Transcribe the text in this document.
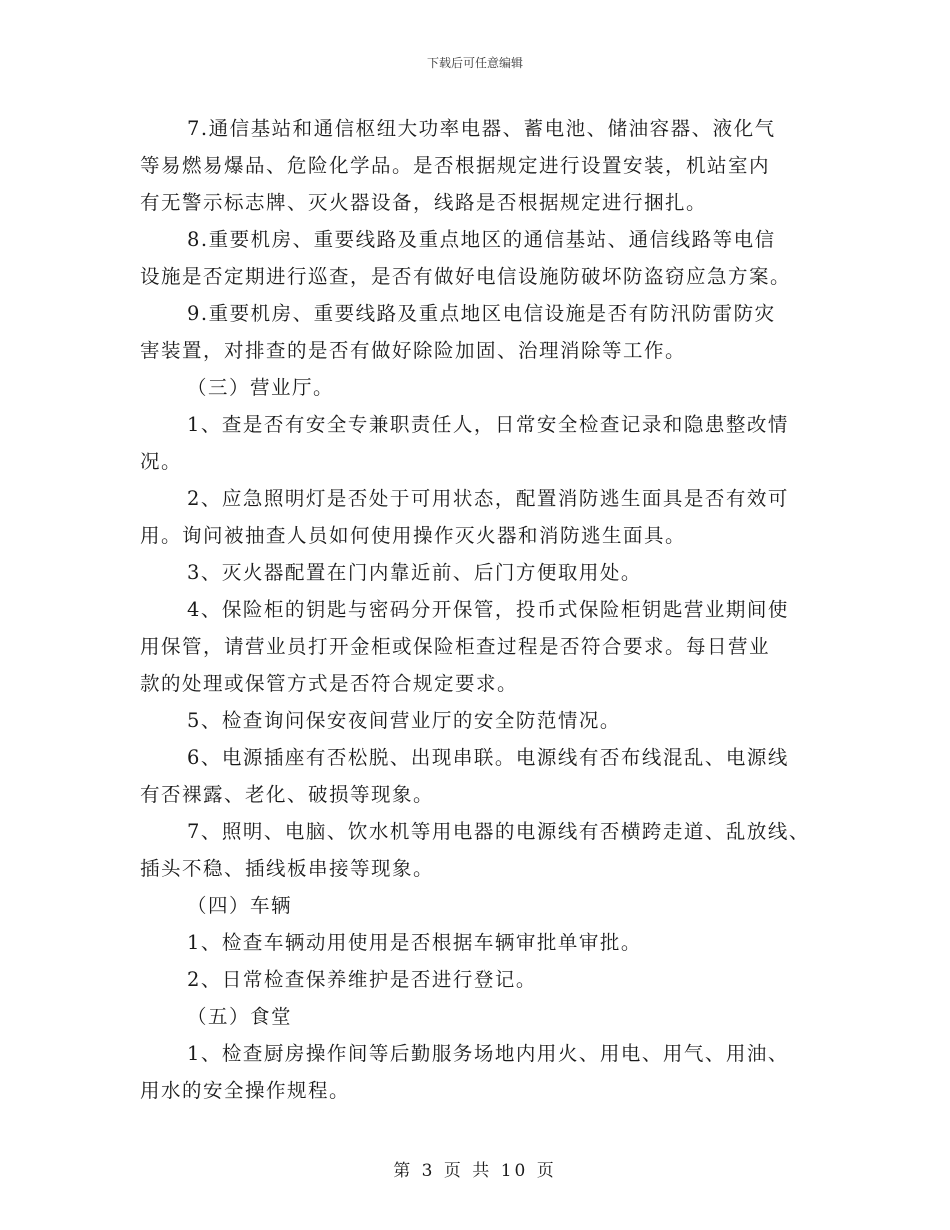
下载后可任意编辑
7.通信基站和通信枢纽大功率电器、蓄电池、储油容器、液化气
等易燃易爆品、危险化学品。是否根据规定进行设置安装，机站室内
有无警示标志牌、灭火器设备，线路是否根据规定进行捆扎。
8.重要机房、重要线路及重点地区的通信基站、通信线路等电信
设施是否定期进行巡查，是否有做好电信设施防破坏防盗窃应急方案。
9.重要机房、重要线路及重点地区电信设施是否有防汛防雷防灾
害装置，对排查的是否有做好除险加固、治理消除等工作。
（三）营业厅。
1、查是否有安全专兼职责任人，日常安全检查记录和隐患整改情
况。
2、应急照明灯是否处于可用状态，配置消防逃生面具是否有效可
用。询问被抽查人员如何使用操作灭火器和消防逃生面具。
3、灭火器配置在门内靠近前、后门方便取用处。
4、保险柜的钥匙与密码分开保管，投币式保险柜钥匙营业期间使
用保管，请营业员打开金柜或保险柜查过程是否符合要求。每日营业
款的处理或保管方式是否符合规定要求。
5、检查询问保安夜间营业厅的安全防范情况。
6、电源插座有否松脱、出现串联。电源线有否布线混乱、电源线
有否裸露、老化、破损等现象。
7、照明、电脑、饮水机等用电器的电源线有否横跨走道、乱放线、
插头不稳、插线板串接等现象。
（四）车辆
1、检查车辆动用使用是否根据车辆审批单审批。
2、日常检查保养维护是否进行登记。
（五）食堂
1、检查厨房操作间等后勤服务场地内用火、用电、用气、用油、
用水的安全操作规程。
第 3 页 共 10 页
